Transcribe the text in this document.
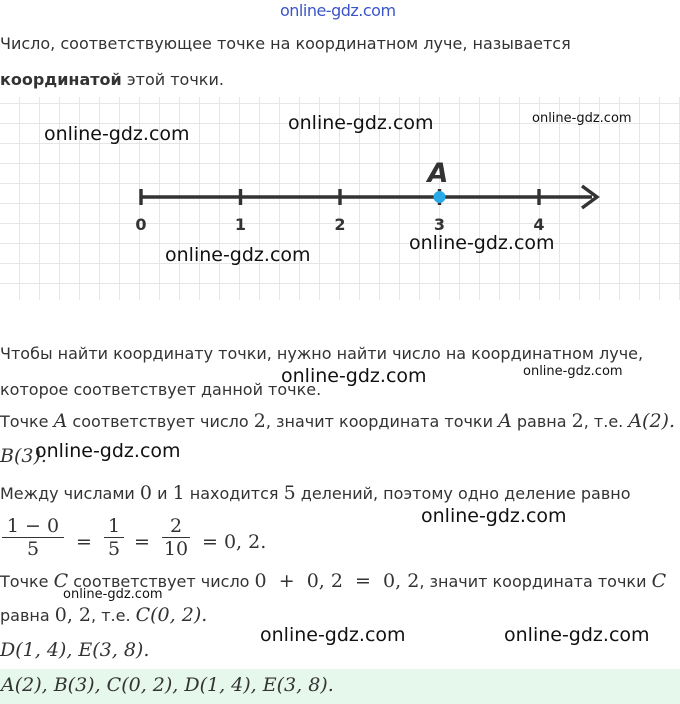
online-gdz.com
Число, соответствующее точке на координатном луче, называется
координатой этой точки.
0	1	2	3	4
A
online-gdz.com	online-gdz.com	online-gdz.com
online-gdz.com
online-gdz.com
Чтобы найти координату точки, нужно найти число на координатном луче,
которое соответствует данной точке.
online-gdz.com	online-gdz.com
Точке A соответствует число 2, значит координата точки A равна 2, т.е. A(2).
B(3).
online-gdz.com
Между числами 0 и 1 находится 5 делений, поэтому одно деление равно
online-gdz.com
1 − 0
5	=
1
5 =
2
10 = 0, 2.
Точке C соответствует число 0  +  0, 2  =  0, 2, значит координата точки C
online-gdz.com
равна 0, 2, т.е. C(0, 2).
D(1, 4), E(3, 8).
online-gdz.com	online-gdz.com
A(2), B(3), C(0, 2), D(1, 4), E(3, 8).
